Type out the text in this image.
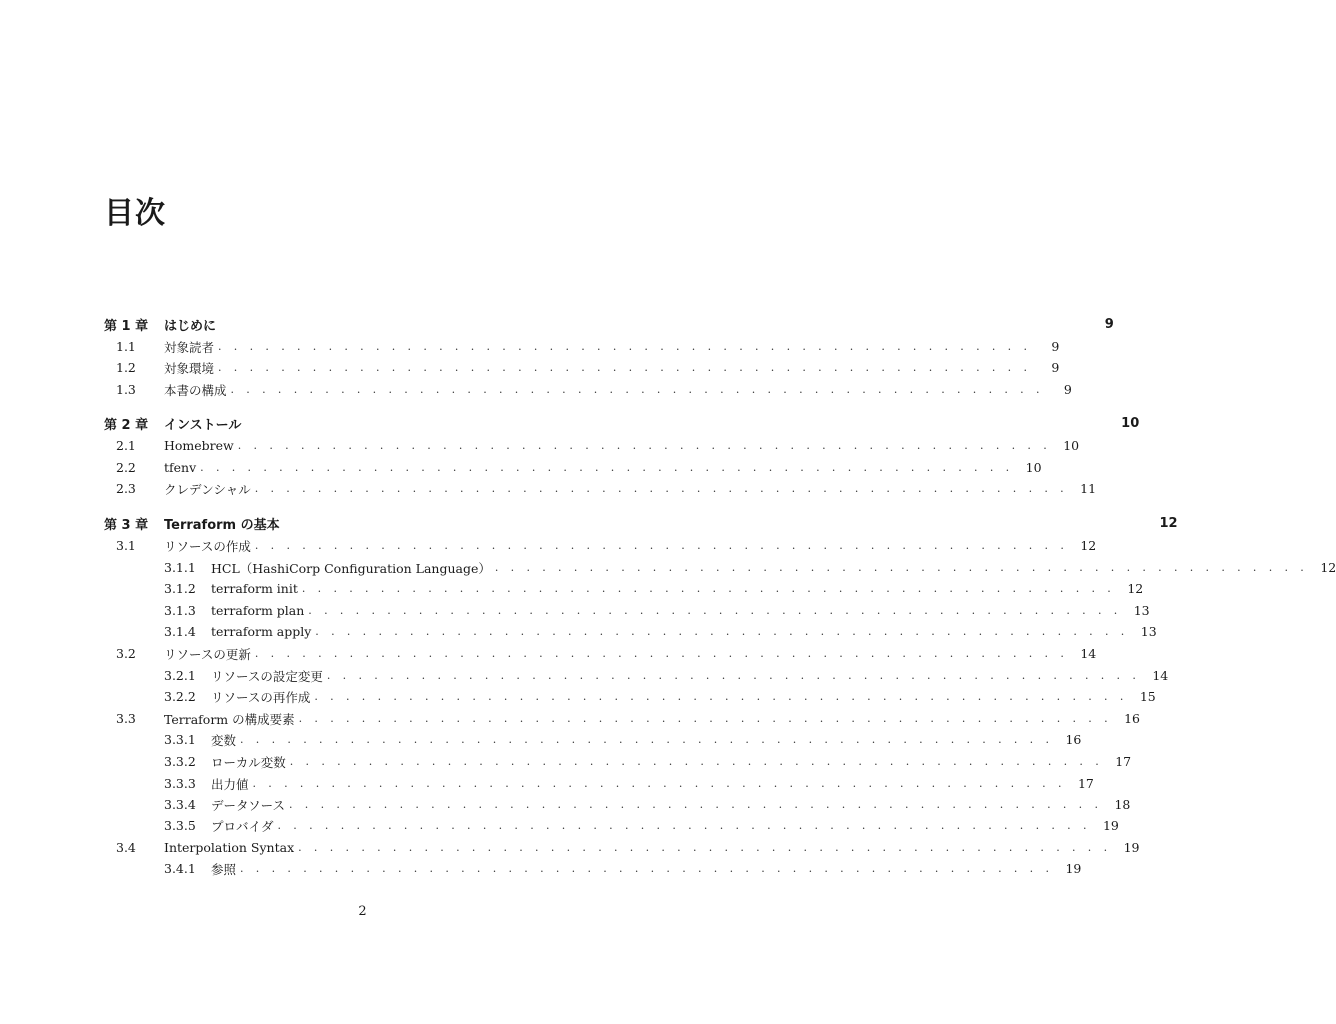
目次
第 1 章	はじめに	9
1.1	対象読者 . . . . . . . . . . . . . . . . . . . . . . . . . . . . . . . . . . . . . . . . . . . . . . . . . . . .	9
1.2	対象環境 . . . . . . . . . . . . . . . . . . . . . . . . . . . . . . . . . . . . . . . . . . . . . . . . . . . .	9
1.3	本書の構成 . . . . . . . . . . . . . . . . . . . . . . . . . . . . . . . . . . . . . . . . . . . . . . . . . . . .	9
第 2 章	インストール	10
2.1	Homebrew . . . . . . . . . . . . . . . . . . . . . . . . . . . . . . . . . . . . . . . . . . . . . . . . . . . . 10
2.2	tfenv . . . . . . . . . . . . . . . . . . . . . . . . . . . . . . . . . . . . . . . . . . . . . . . . . . . . 10
2.3	クレデンシャル . . . . . . . . . . . . . . . . . . . . . . . . . . . . . . . . . . . . . . . . . . . . . . . . . . . . 11
第 3 章	Terraform の基本	12
3.1	リソースの作成 . . . . . . . . . . . . . . . . . . . . . . . . . . . . . . . . . . . . . . . . . . . . . . . . . . . . 12
3.1.1	HCL（HashiCorp Configuration Language） . . . . . . . . . . . . . . . . . . . . . . . . . . . . . . . . . . . . . . . . . . . . . . . . . . . . 12
3.1.2	terraform init . . . . . . . . . . . . . . . . . . . . . . . . . . . . . . . . . . . . . . . . . . . . . . . . . . . . 12
3.1.3	terraform plan . . . . . . . . . . . . . . . . . . . . . . . . . . . . . . . . . . . . . . . . . . . . . . . . . . . . 13
3.1.4	terraform apply . . . . . . . . . . . . . . . . . . . . . . . . . . . . . . . . . . . . . . . . . . . . . . . . . . . . 13
3.2	リソースの更新 . . . . . . . . . . . . . . . . . . . . . . . . . . . . . . . . . . . . . . . . . . . . . . . . . . . . 14
3.2.1	リソースの設定変更 . . . . . . . . . . . . . . . . . . . . . . . . . . . . . . . . . . . . . . . . . . . . . . . . . . . . 14
3.2.2	リソースの再作成 . . . . . . . . . . . . . . . . . . . . . . . . . . . . . . . . . . . . . . . . . . . . . . . . . . . . 15
3.3	Terraform の構成要素 . . . . . . . . . . . . . . . . . . . . . . . . . . . . . . . . . . . . . . . . . . . . . . . . . . . . 16
3.3.1	変数 . . . . . . . . . . . . . . . . . . . . . . . . . . . . . . . . . . . . . . . . . . . . . . . . . . . . 16
3.3.2	ローカル変数 . . . . . . . . . . . . . . . . . . . . . . . . . . . . . . . . . . . . . . . . . . . . . . . . . . . . 17
3.3.3	出力値 . . . . . . . . . . . . . . . . . . . . . . . . . . . . . . . . . . . . . . . . . . . . . . . . . . . . 17
3.3.4	データソース . . . . . . . . . . . . . . . . . . . . . . . . . . . . . . . . . . . . . . . . . . . . . . . . . . . . 18
3.3.5	プロバイダ . . . . . . . . . . . . . . . . . . . . . . . . . . . . . . . . . . . . . . . . . . . . . . . . . . . . 19
3.4	Interpolation Syntax . . . . . . . . . . . . . . . . . . . . . . . . . . . . . . . . . . . . . . . . . . . . . . . . . . . . 19
3.4.1	参照 . . . . . . . . . . . . . . . . . . . . . . . . . . . . . . . . . . . . . . . . . . . . . . . . . . . . 19
2
